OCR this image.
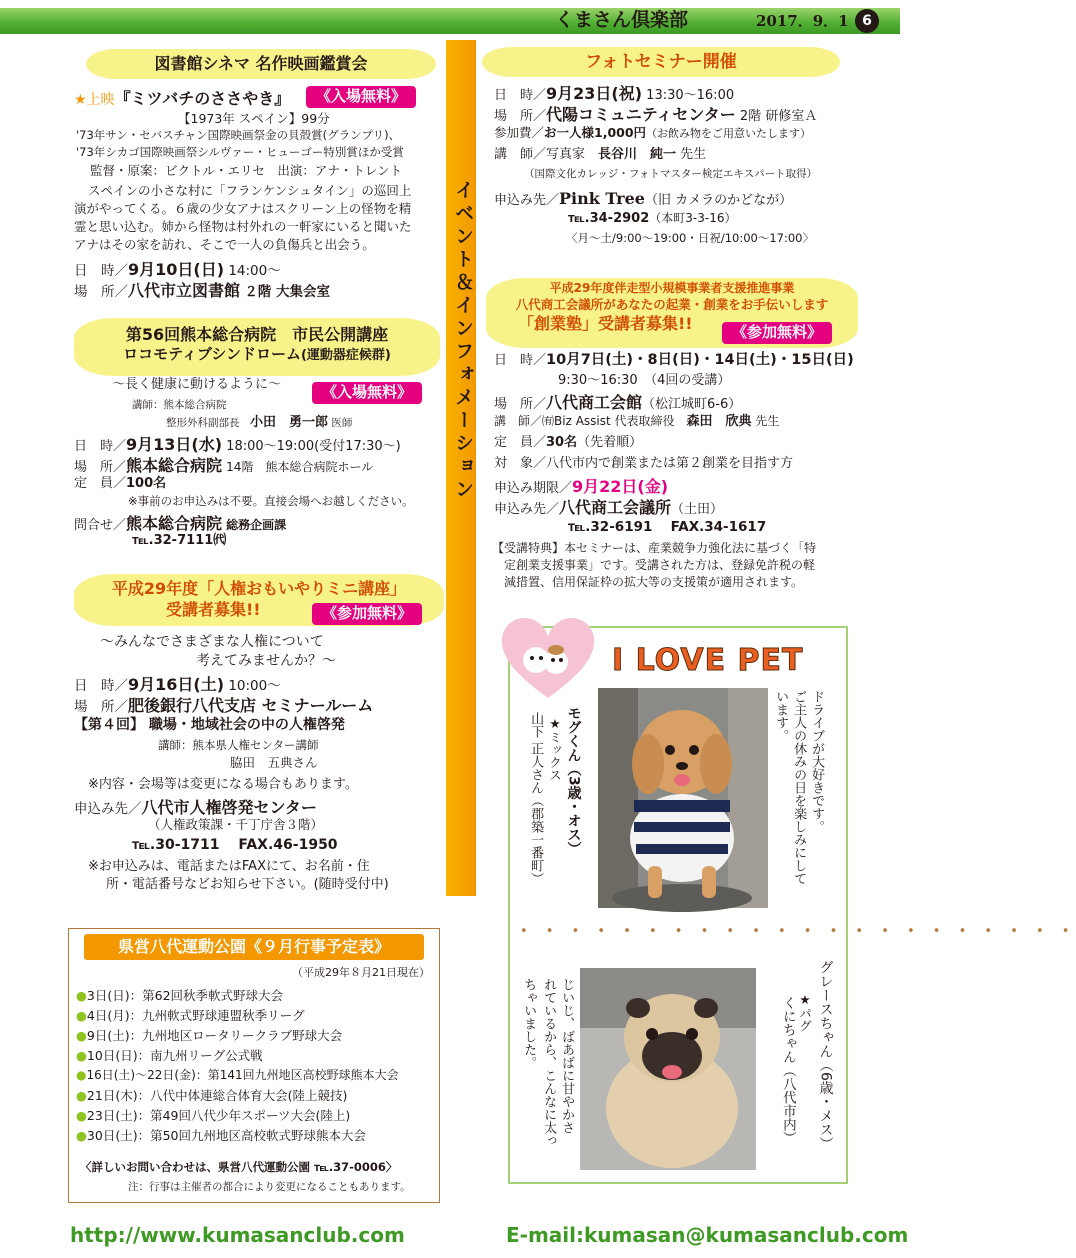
くまさん倶楽部	2017．9．1 6
イベント＆インフォメーション
図書館シネマ 名作映画鑑賞会
★上映『ミツバチのささやき』	《入場無料》
【1973年 スペイン】99分
'73年サン・セバスチャン国際映画祭金の貝殻賞(グランプリ)、
'73年シカゴ国際映画祭シルヴァー・ヒューゴー特別賞ほか受賞
監督・原案：ビクトル・エリセ　出演：アナ・トレント
スペインの小さな村に「フランケンシュタイン」の巡回上
演がやってくる。６歳の少女アナはスクリーン上の怪物を精
霊と思い込む。姉から怪物は村外れの一軒家にいると聞いた
アナはその家を訪れ、そこで一人の負傷兵と出会う。
日　時／9月10日(日) 14:00〜
場　所／八代市立図書館 ２階 大集会室
第56回熊本総合病院　市民公開講座
ロコモティブシンドローム(運動器症候群)
〜長く健康に動けるように〜	《入場無料》
講師：熊本総合病院
整形外科副部長　 小田　勇一郎 医師
日　時／9月13日(水) 18:00〜19:00(受付17:30〜)
場　所／熊本総合病院 14階　熊本総合病院ホール
定　員／100名
※事前のお申込みは不要。直接会場へお越しください。
問合せ／熊本総合病院 総務企画課
℡.32-7111㈹
平成29年度「人権おもいやりミニ講座」
受講者募集!!	《参加無料》
〜みんなでさまざまな人権について
考えてみませんか？〜
日　時／9月16日(土) 10:00〜
場　所／肥後銀行八代支店 セミナールーム
【第４回】 職場・地域社会の中の人権啓発
講師：熊本県人権センター講師
脇田　五典さん
※内容・会場等は変更になる場合もあります。
申込み先／八代市人権啓発センター
（人権政策課・千丁庁舎３階）
℡.30-1711　 FAX.46-1950
※お申込みは、電話またはFAXにて、お名前・住
所・電話番号などお知らせ下さい。(随時受付中)
県営八代運動公園《９月行事予定表》
（平成29年８月21日現在）
●3日(日)：第62回秋季軟式野球大会
●4日(月)：九州軟式野球連盟秋季リーグ
●9日(土)：九州地区ロータリークラブ野球大会
●10日(日)：南九州リーグ公式戦
●16日(土)〜22日(金)：第141回九州地区高校野球熊本大会
●21日(木)：八代中体連総合体育大会(陸上競技)
●23日(土)：第49回八代少年スポーツ大会(陸上)
●30日(土)：第50回九州地区高校軟式野球熊本大会
〈詳しいお問い合わせは、県営八代運動公園 ℡.37-0006〉
注：行事は主催者の都合により変更になることもあります。
フォトセミナー開催
日　時／9月23日(祝) 13:30〜16:00
場　所／代陽コミュニティセンター 2階 研修室Ａ
参加費／お一人様1,000円（お飲み物をご用意いたします）
講　師／写真家　長谷川　純一 先生
（国際文化カレッジ・フォトマスター検定エキスパート取得）
申込み先／Pink Tree（旧 カメラのかどなが）
℡.34-2902（本町3-3-16）
〈月〜土/9:00〜19:00・日祝/10:00〜17:00〉
平成29年度伴走型小規模事業者支援推進事業
八代商工会議所があなたの起業・創業をお手伝いします
「創業塾」受講者募集!!	《参加無料》
日　時／10月7日(土)・8日(日)・14日(土)・15日(日)
9:30〜16:30　（4回の受講）
場　所／八代商工会館（松江城町6-6）
講　師／㈲Biz Assist 代表取締役　森田　欣典 先生
定　員／30名（先着順）
対　象／八代市内で創業または第２創業を目指す方
申込み期限／9月22日(金)
申込み先／八代商工会議所（土田）
℡.32-6191　 FAX.34-1617
【受講特典】本セミナーは、産業競争力強化法に基づく「特
定創業支援事業」です。受講された方は、登録免許税の軽
減措置、信用保証枠の拡大等の支援策が適用されます。
I LOVE PET
モグくん（3歳・オス）
★ミックス
山下 正人さん（郡築一番町）	ドライブが大好きです。
ご主人の休みの日を楽しみにして
います。
• • • • • • • • • • • • • • • • • • • • • •
グレースちゃん（6歳・メス）
★パグ
くにちゃん（八代市内）
じいじ、ばあばに甘やかさ
れているから、こんなに太っ
ちゃいました。
http://www.kumasanclub.com	E-mail:kumasan@kumasanclub.com
